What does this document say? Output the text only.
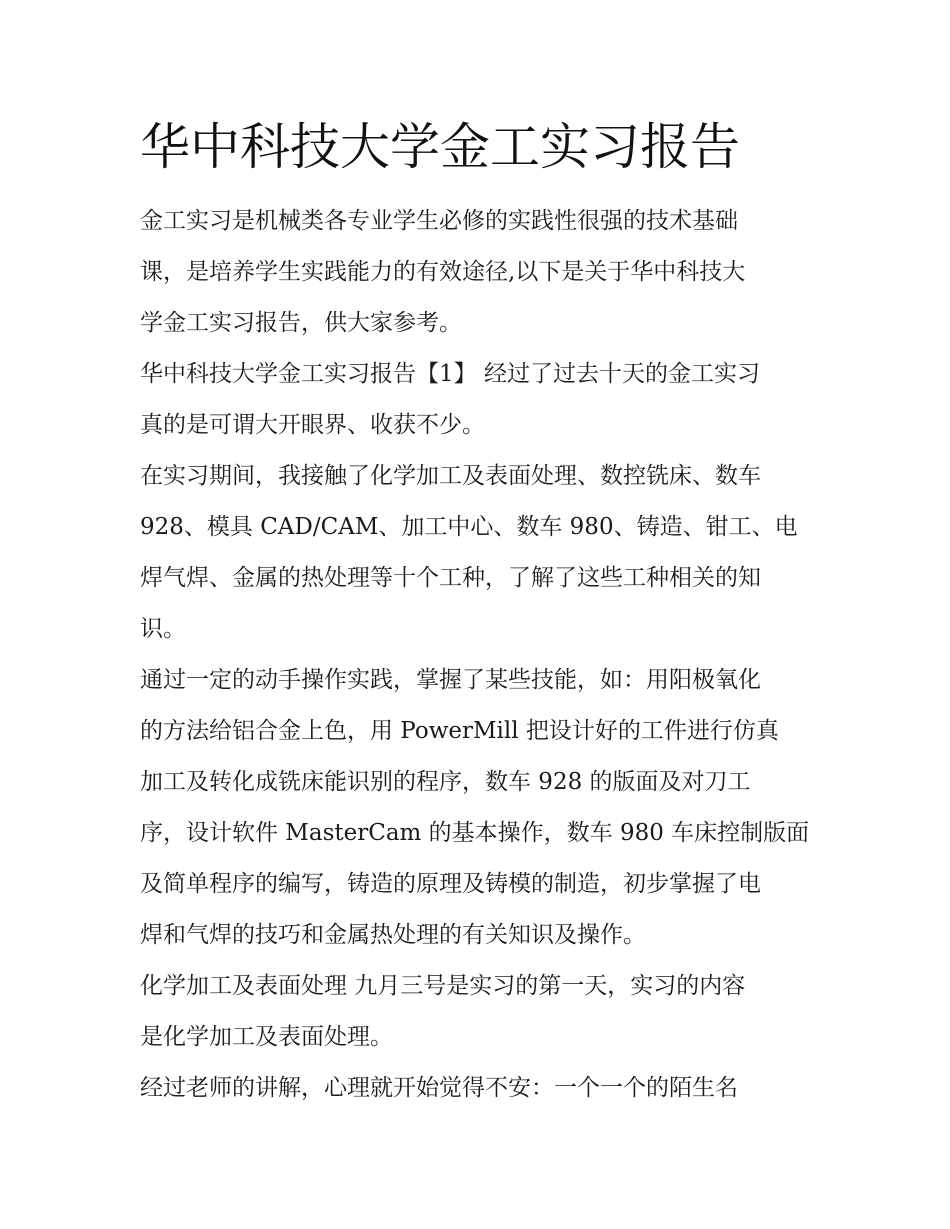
华中科技大学金工实习报告

金工实习是机械类各专业学生必修的实践性很强的技术基础
课，是培养学生实践能力的有效途径,以下是关于华中科技大
学金工实习报告，供大家参考。

华中科技大学金工实习报告【1】 经过了过去十天的金工实习
真的是可谓大开眼界、收获不少。

在实习期间，我接触了化学加工及表面处理、数控铣床、数车
928、模具 CAD/CAM、加工中心、数车 980、铸造、钳工、电
焊气焊、金属的热处理等十个工种，了解了这些工种相关的知
识。

通过一定的动手操作实践，掌握了某些技能，如：用阳极氧化
的方法给铝合金上色，用 PowerMill 把设计好的工件进行仿真
加工及转化成铣床能识别的程序，数车 928 的版面及对刀工
序，设计软件 MasterCam 的基本操作，数车 980 车床控制版面
及简单程序的编写，铸造的原理及铸模的制造，初步掌握了电
焊和气焊的技巧和金属热处理的有关知识及操作。

化学加工及表面处理 九月三号是实习的第一天，实习的内容
是化学加工及表面处理。

经过老师的讲解，心理就开始觉得不安：一个一个的陌生名
